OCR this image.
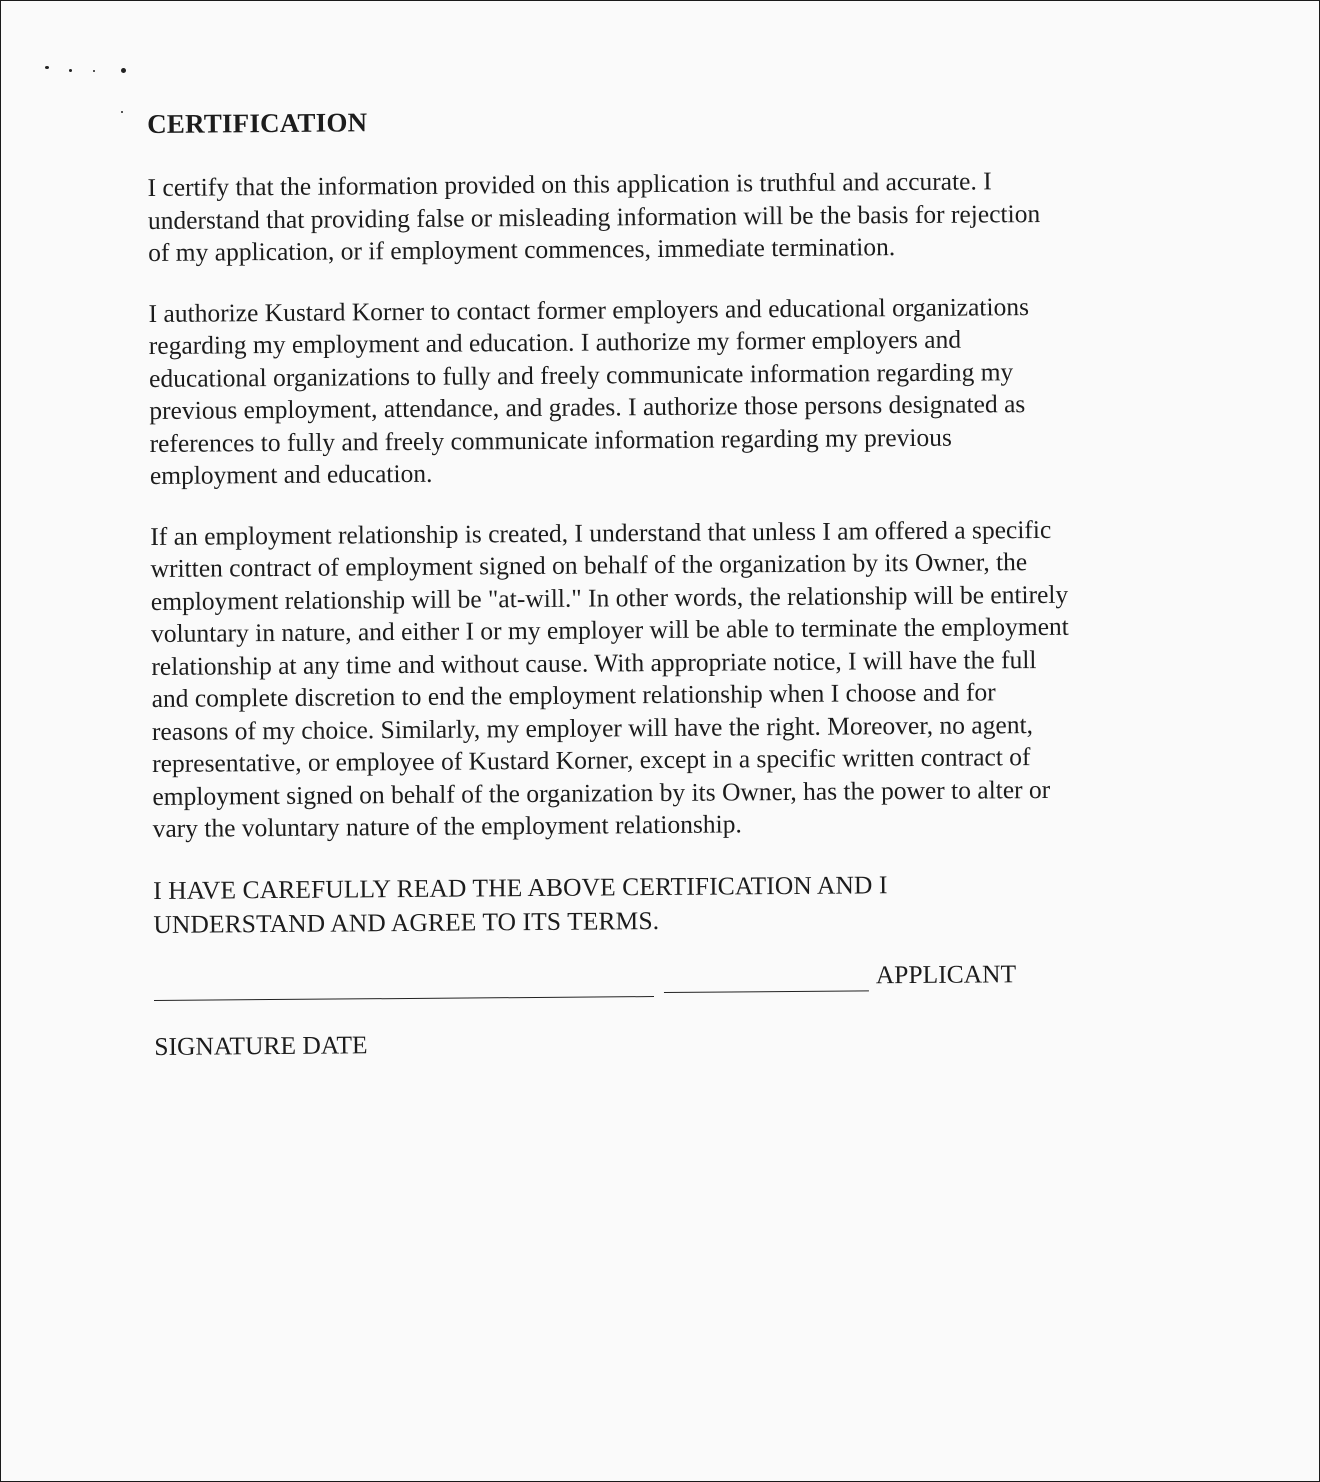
CERTIFICATION
I certify that the information provided on this application is truthful and accurate. I
understand that providing false or misleading information will be the basis for rejection
of my application, or if employment commences, immediate termination.
I authorize Kustard Korner to contact former employers and educational organizations
regarding my employment and education. I authorize my former employers and
educational organizations to fully and freely communicate information regarding my
previous employment, attendance, and grades. I authorize those persons designated as
references to fully and freely communicate information regarding my previous
employment and education.
If an employment relationship is created, I understand that unless I am offered a specific
written contract of employment signed on behalf of the organization by its Owner, the
employment relationship will be "at-will." In other words, the relationship will be entirely
voluntary in nature, and either I or my employer will be able to terminate the employment
relationship at any time and without cause. With appropriate notice, I will have the full
and complete discretion to end the employment relationship when I choose and for
reasons of my choice. Similarly, my employer will have the right. Moreover, no agent,
representative, or employee of Kustard Korner, except in a specific written contract of
employment signed on behalf of the organization by its Owner, has the power to alter or
vary the voluntary nature of the employment relationship.
I HAVE CAREFULLY READ THE ABOVE CERTIFICATION AND I
UNDERSTAND AND AGREE TO ITS TERMS.
APPLICANT
SIGNATURE DATE
